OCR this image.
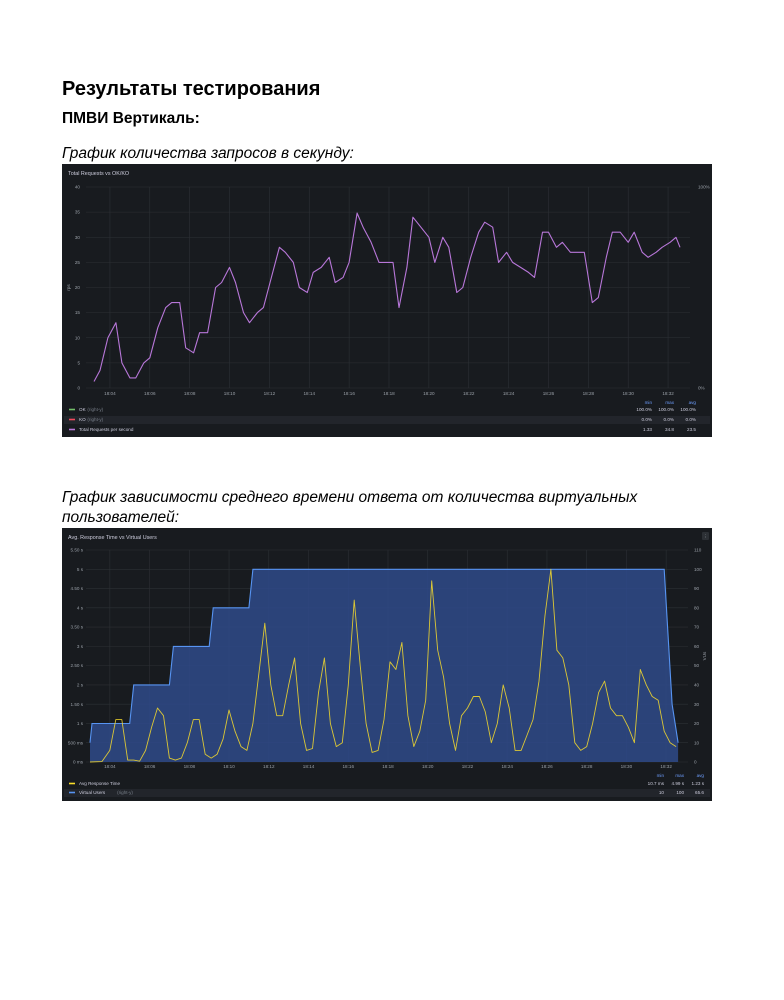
Результаты тестирования
ПМВИ Вертикаль:
График количества запросов в секунду:
Total Requests vs OK/KO
0
5
10
15
20
25
30
35
40	100%
0%
rps
18:04	18:06	18:08	18:10	18:12	18:14	18:16	18:18	18:20	18:22	18:24	18:26	18:28	18:30	18:32
min	max	avg
OK (right-y)	100.0% 100.0% 100.0%
KO (right-y)	0.0%	0.0%	0.0%
Total Requests per second	1.33	34.8	23.5
График зависимости среднего времени ответа от количества виртуальных пользователей:
Avg. Response Time vs Virtual Users	⋮
0 ms
500 ms
1 s
1.50 s
2 s
2.50 s
3 s
3.50 s
4 s
4.50 s
5 s
5.50 s
0
10
20
30
40
50
60
70
80
90
100
110
VUs
18:04	18:06	18:08	18:10	18:12	18:14	18:16	18:18	18:20	18:22	18:24	18:26	18:28	18:30	18:32
min max	avg
Avg Response Time	10.7 ms 4.99 s 1.23 s
Virtual Users	(right-y)	10	100 65.6
